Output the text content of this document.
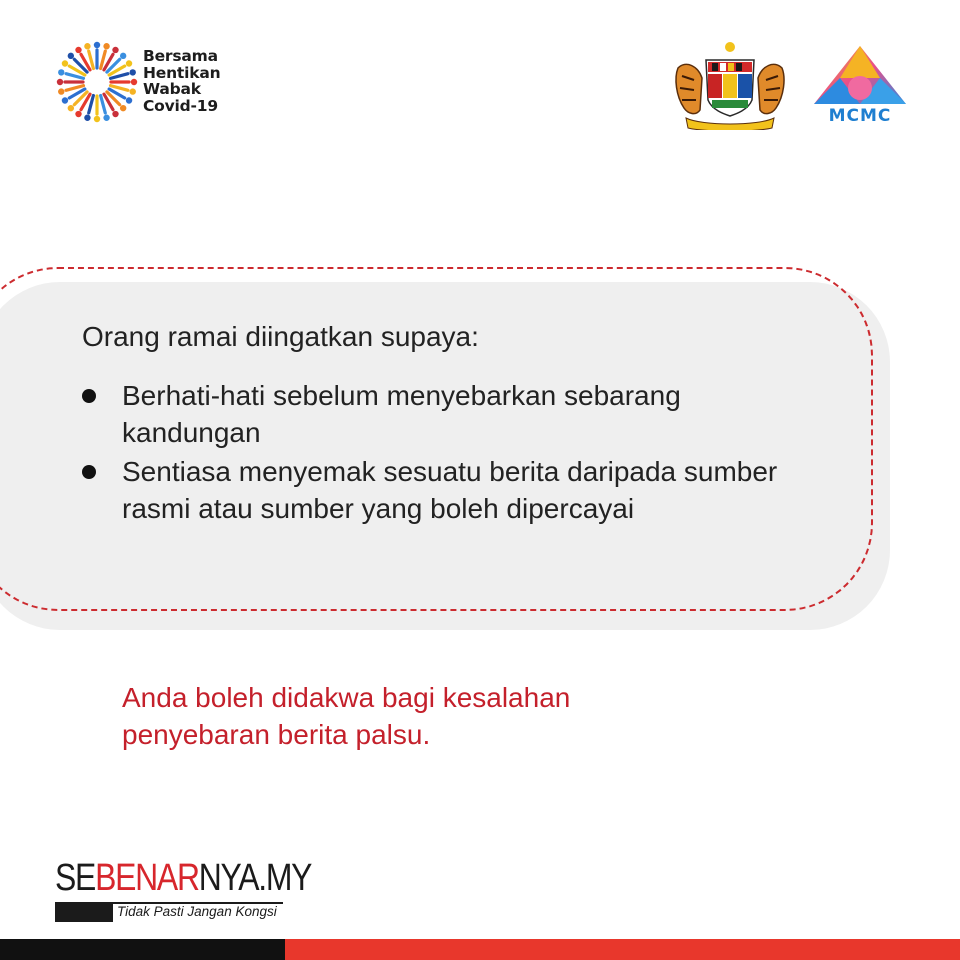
Bersama
Hentikan
Wabak
Covid-19
MCMC

Orang ramai diingatkan supaya:

Berhati-hati sebelum menyebarkan sebarang kandungan
Sentiasa menyemak sesuatu berita daripada sumber rasmi atau sumber yang boleh dipercayai
Anda boleh didakwa bagi kesalahan
penyebaran berita palsu.
SEBENARNYA.MY
Tidak Pasti Jangan Kongsi
